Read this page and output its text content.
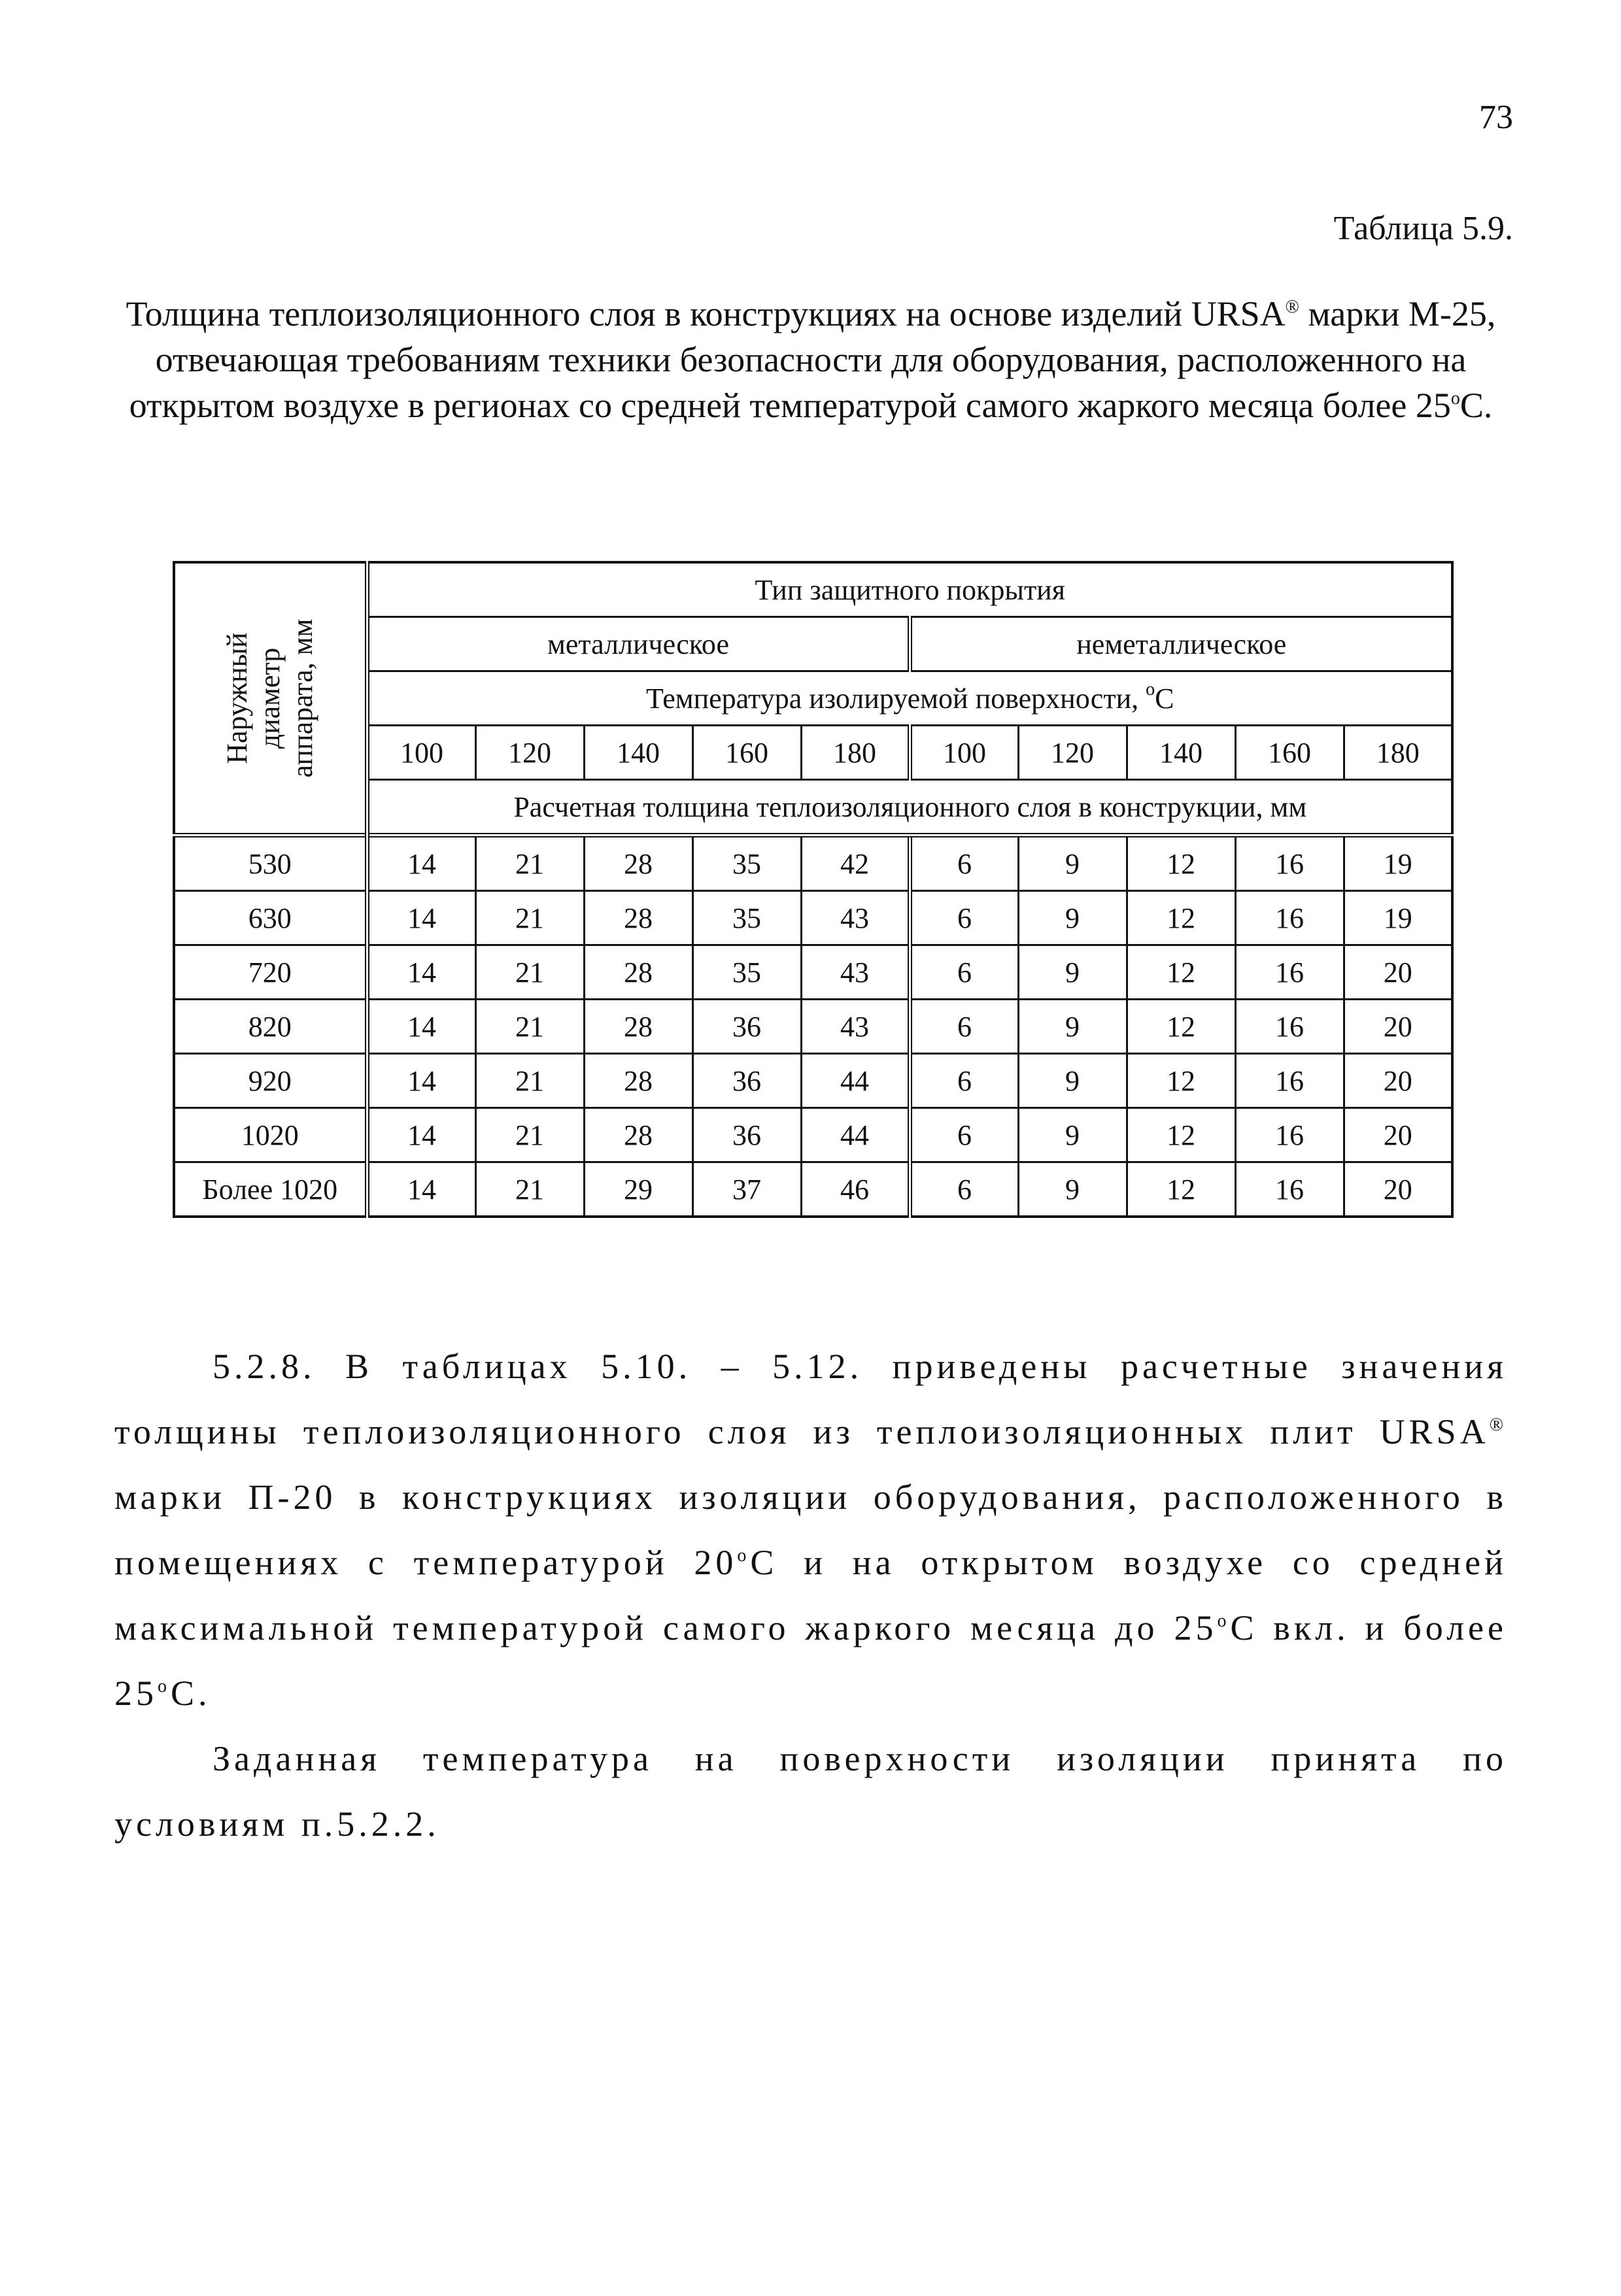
73
Таблица 5.9.
Толщина теплоизоляционного слоя в конструкциях на основе изделий URSA® марки М-25, отвечающая требованиям техники безопасности для оборудования, расположенного на открытом воздухе в регионах со средней температурой самого жаркого месяца более 25$^o$C.
Наружный диаметр аппарата, мм	Тип защитного покрытия									
	металлическое					неметаллическое				
	Температура изолируемой поверхности, $^o$C									
	100	120	140	160	180	100	120	140	160	180
	Расчетная толщина теплоизоляционного слоя в конструкции, мм									
530	14	21	28	35	42	6	9	12	16	19
630	14	21	28	35	43	6	9	12	16	19
720	14	21	28	35	43	6	9	12	16	20
820	14	21	28	36	43	6	9	12	16	20
920	14	21	28	36	44	6	9	12	16	20
1020	14	21	28	36	44	6	9	12	16	20
Более 1020	14	21	29	37	46	6	9	12	16	20
5.2.8. В таблицах 5.10. – 5.12. приведены расчетные значения толщины теплоизоляционного слоя из теплоизоляционных плит URSA® марки П-20 в конструкциях изоляции оборудования, расположенного в помещениях с температурой 20$^o$C и на открытом воздухе со средней максимальной температурой самого жаркого месяца до 25$^o$C вкл. и более 25$^o$C.
Заданная температура на поверхности изоляции принята по условиям п.5.2.2.
